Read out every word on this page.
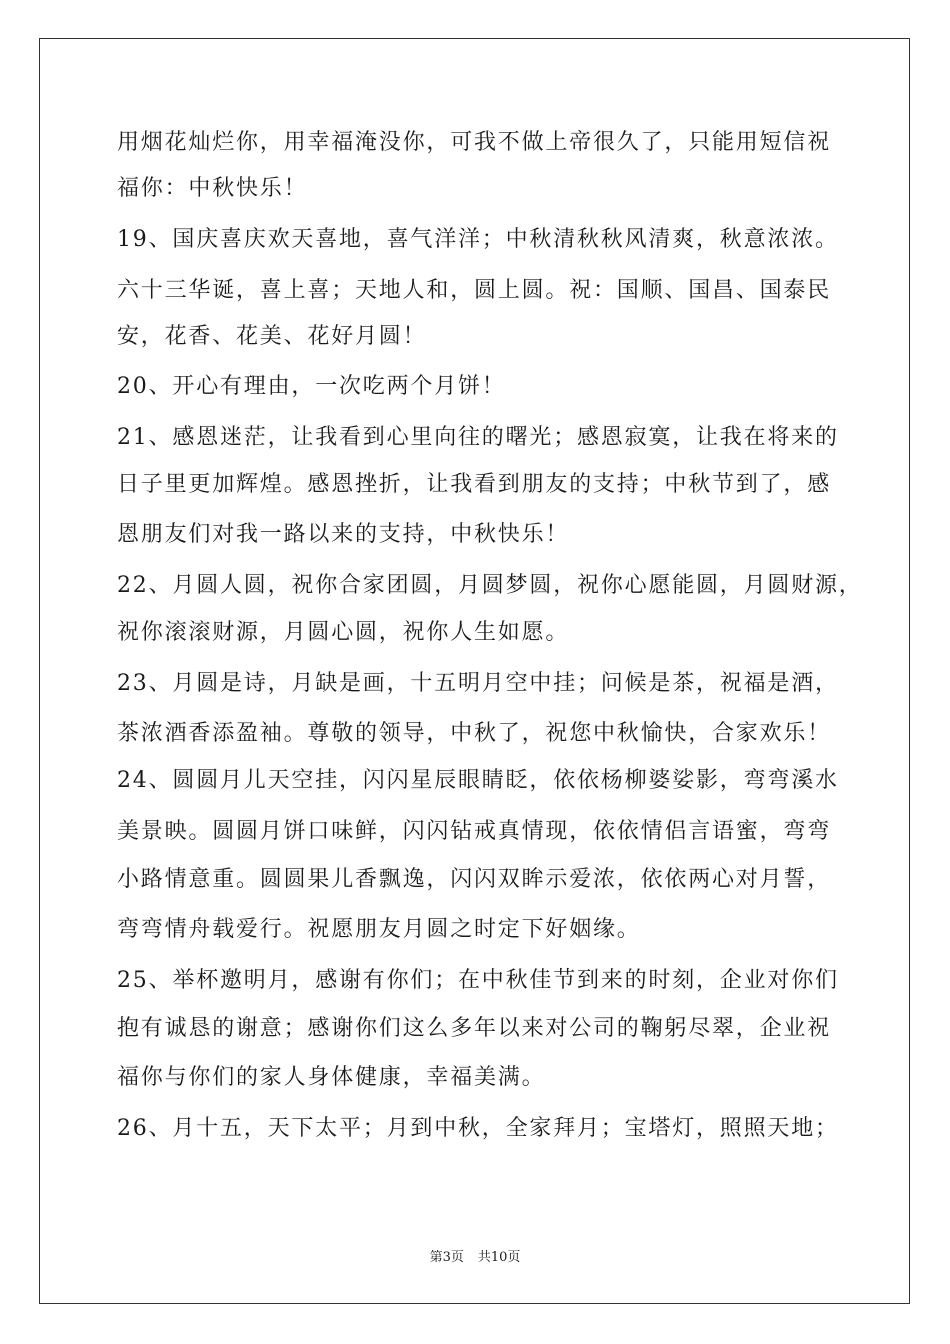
用烟花灿烂你，用幸福淹没你，可我不做上帝很久了，只能用短信祝
福你：中秋快乐！
19、国庆喜庆欢天喜地，喜气洋洋；中秋清秋秋风清爽，秋意浓浓。
六十三华诞，喜上喜；天地人和，圆上圆。祝：国顺、国昌、国泰民
安，花香、花美、花好月圆！
20、开心有理由，一次吃两个月饼！
21、感恩迷茫，让我看到心里向往的曙光；感恩寂寞，让我在将来的
日子里更加辉煌。感恩挫折，让我看到朋友的支持；中秋节到了，感
恩朋友们对我一路以来的支持，中秋快乐！
22、月圆人圆，祝你合家团圆，月圆梦圆，祝你心愿能圆，月圆财源，
祝你滚滚财源，月圆心圆，祝你人生如愿。
23、月圆是诗，月缺是画，十五明月空中挂；问候是茶，祝福是酒，
茶浓酒香添盈袖。尊敬的领导，中秋了，祝您中秋愉快，合家欢乐！
24、圆圆月儿天空挂，闪闪星辰眼睛眨，依依杨柳婆娑影，弯弯溪水
美景映。圆圆月饼口味鲜，闪闪钻戒真情现，依依情侣言语蜜，弯弯
小路情意重。圆圆果儿香飘逸，闪闪双眸示爱浓，依依两心对月誓，
弯弯情舟载爱行。祝愿朋友月圆之时定下好姻缘。
25、举杯邀明月，感谢有你们；在中秋佳节到来的时刻，企业对你们
抱有诚恳的谢意；感谢你们这么多年以来对公司的鞠躬尽翠，企业祝
福你与你们的家人身体健康，幸福美满。
26、月十五，天下太平；月到中秋，全家拜月；宝塔灯，照照天地；
第3页 共10页
